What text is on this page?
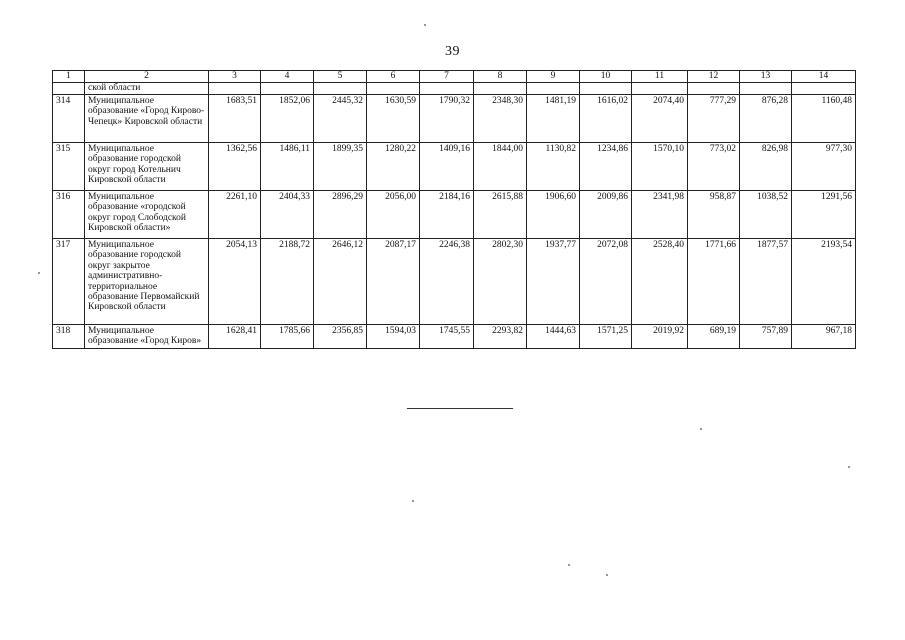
39
1	2	3	4	5	6	7	8	9	10	11	12	13	14
	ской области												
314	Муниципальное образование «Город Кирово-Чепецк» Кировской области	1683,51	1852,06	2445,32	1630,59	1790,32	2348,30	1481,19	1616,02	2074,40	777,29	876,28	1160,48
315	Муниципальное образование городской округ город Котельнич Кировской области	1362,56	1486,11	1899,35	1280,22	1409,16	1844,00	1130,82	1234,86	1570,10	773,02	826,98	977,30
316	Муниципальное образование «городской округ город Слободской Кировской области»	2261,10	2404,33	2896,29	2056,00	2184,16	2615,88	1906,60	2009,86	2341,98	958,87	1038,52	1291,56
317	Муниципальное образование городской округ закрытое административно-территориальное образование Первомайский Кировской области	2054,13	2188,72	2646,12	2087,17	2246,38	2802,30	1937,77	2072,08	2528,40	1771,66	1877,57	2193,54
318	Муниципальное образование «Город Киров»	1628,41	1785,66	2356,85	1594,03	1745,55	2293,82	1444,63	1571,25	2019,92	689,19	757,89	967,18
